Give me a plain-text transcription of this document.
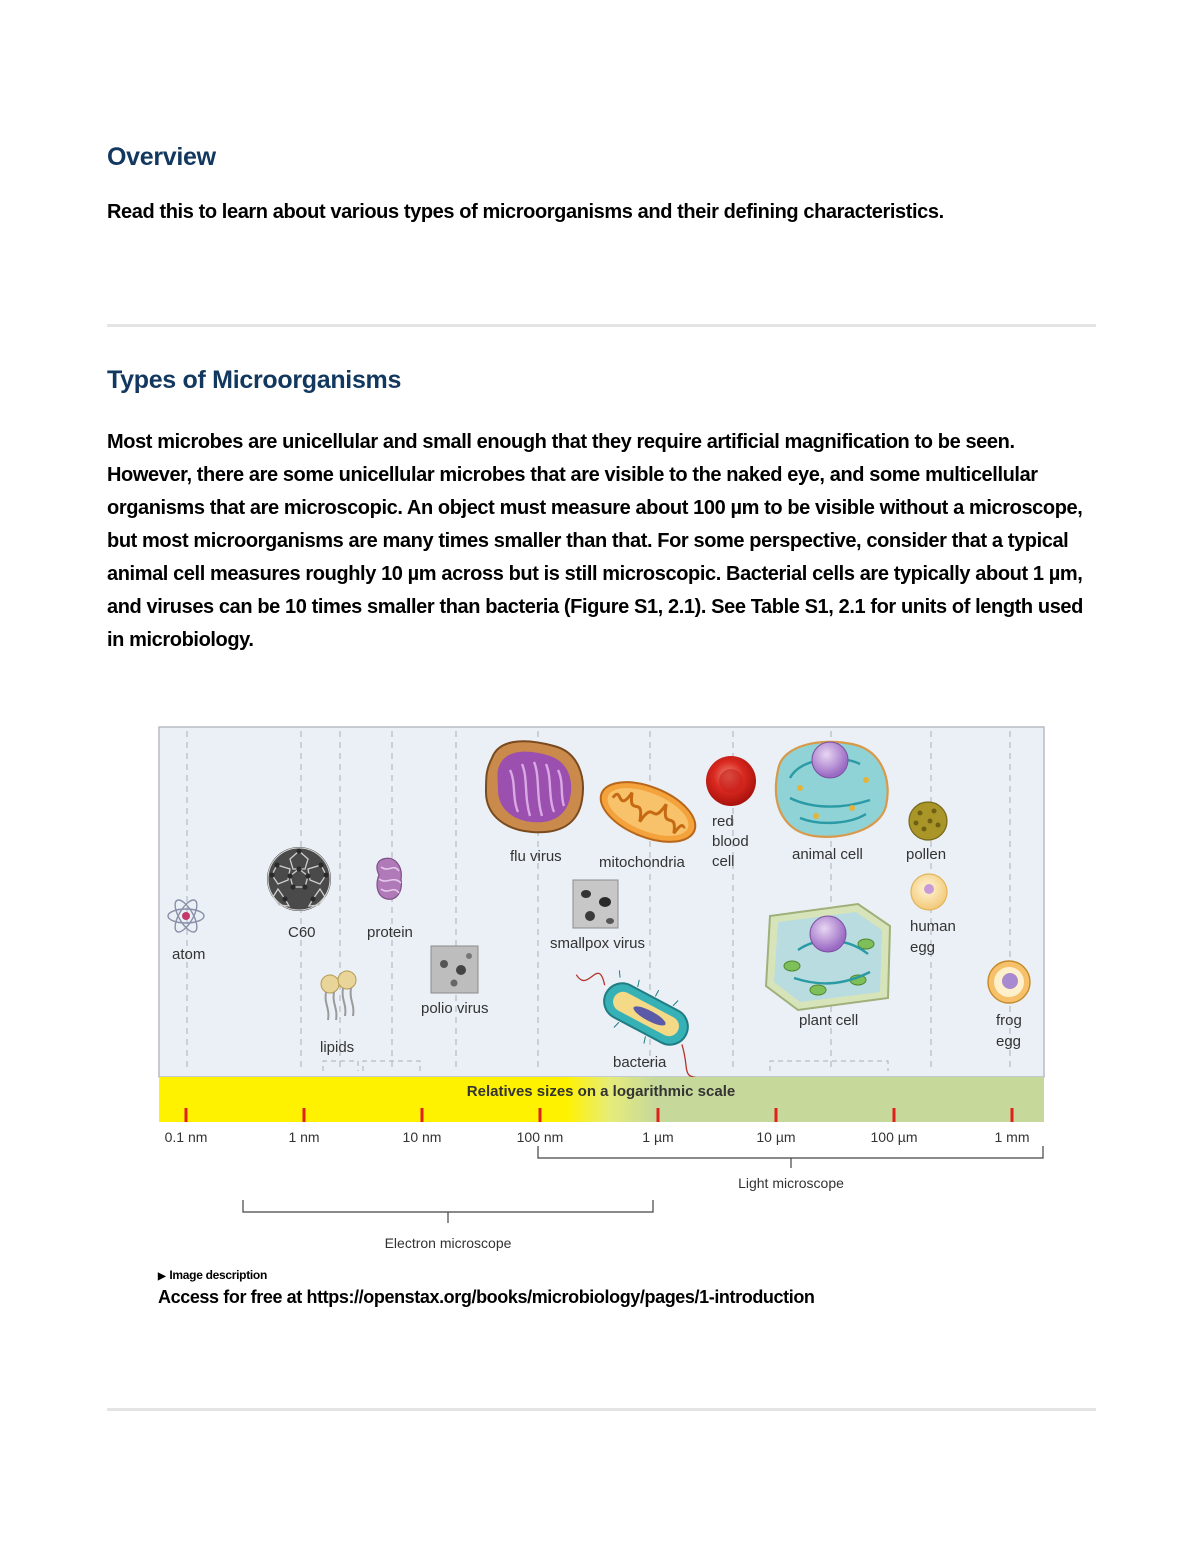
Overview

Read this to learn about various types of microorganisms and their defining characteristics.

Types of Microorganisms

Most microbes are unicellular and small enough that they require artificial magnification to be seen. However, there are some unicellular microbes that are visible to the naked eye, and some multicellular organisms that are microscopic. An object must measure about 100 µm to be visible without a microscope, but most microorganisms are many times smaller than that. For some perspective, consider that a typical animal cell measures roughly 10 µm across but is still microscopic. Bacterial cells are typically about 1 µm, and viruses can be 10 times smaller than bacteria (Figure S1, 2.1). See Table S1, 2.1 for units of length used in microbiology.

atom
C60	protein
lipids
polio virus
flu virus mitochondria
smallpox virus
bacteria
red
blood
cell	animal cell
plant cell
pollen
human
egg
frog
egg
Relatives sizes on a logarithmic scale
0.1 nm	1 nm	10 nm	100 nm	1 µm	10 µm	100 µm	1 mm
Light microscope
Electron microscope

▶ Image description

Access for free at https://openstax.org/books/microbiology/pages/1-introduction
